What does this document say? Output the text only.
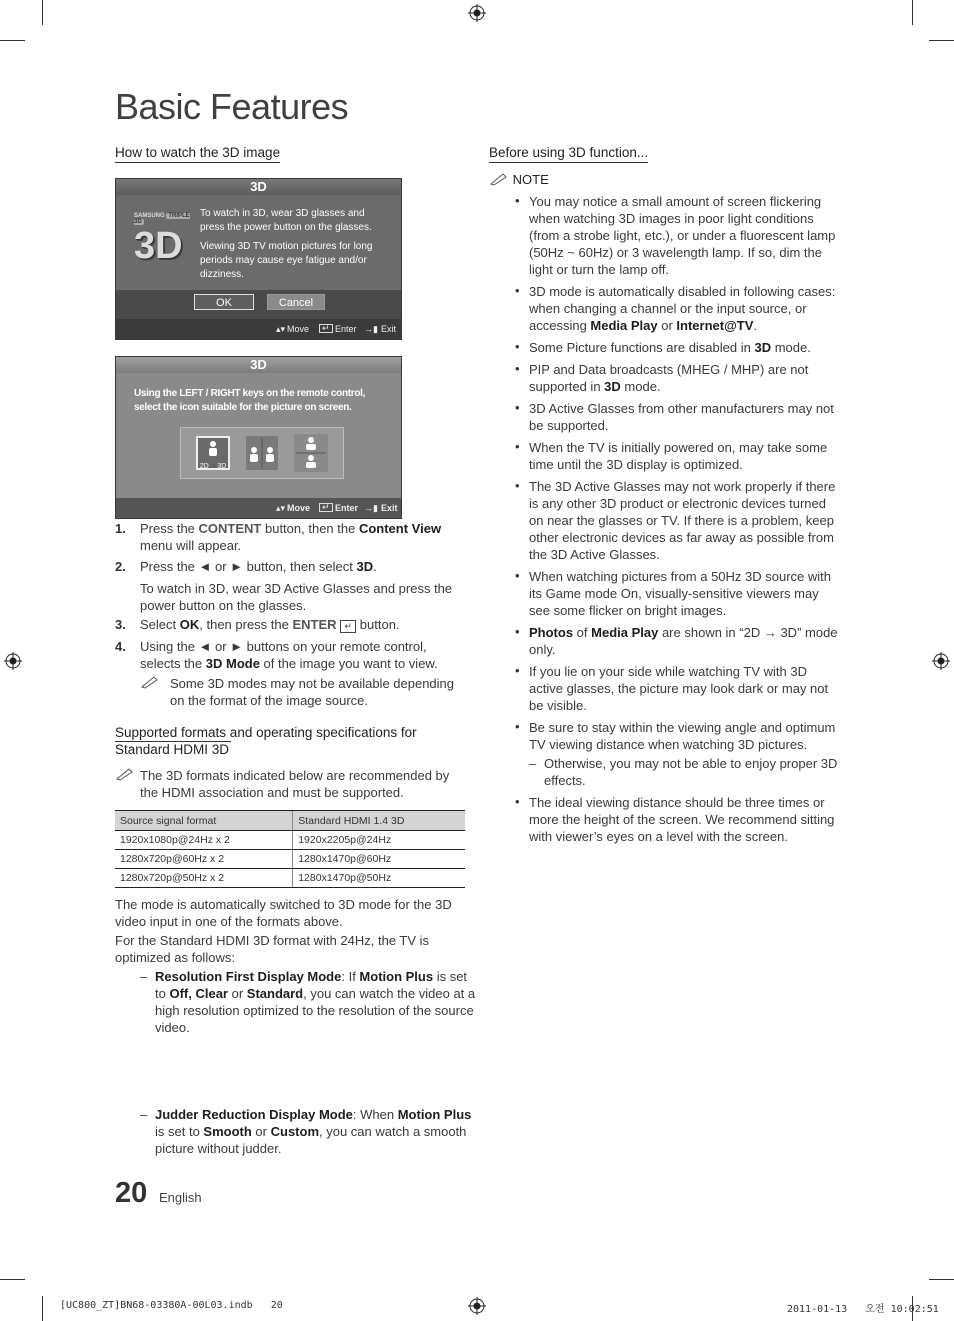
Basic Features
How to watch the 3D image
3D
SAMSUNG TRIPLE 3D
3D
To watch in 3D, wear 3D glasses and press the power button on the glasses.
Viewing 3D TV motion pictures for long periods may cause eye fatigue and/or dizziness.
OK	Cancel
▴▾ Move	↵ Enter →▮ Exit
3D
Using the LEFT / RIGHT keys on the remote control, select the icon suitable for the picture on screen.
2D➖3D
▴▾ Move	↵ Enter →▮ Exit
1. Press the CONTENT button, then the Content View menu will appear.
2. Press the ◄ or ► button, then select 3D.
To watch in 3D, wear 3D Active Glasses and press the power button on the glasses.
3. Select OK, then press the ENTER ↵ button.
4. Using the ◄ or ► buttons on your remote control, selects the 3D Mode of the image you want to view.
Some 3D modes may not be available depending on the format of the image source.
Supported formats and operating specifications for Standard HDMI 3D
The 3D formats indicated below are recommended by the HDMI association and must be supported.
Source signal format	Standard HDMI 1.4 3D
1920x1080p@24Hz x 2	1920x2205p@24Hz
1280x720p@60Hz x 2	1280x1470p@60Hz
1280x720p@50Hz x 2	1280x1470p@50Hz
The mode is automatically switched to 3D mode for the 3D video input in one of the formats above.
For the Standard HDMI 3D format with 24Hz, the TV is optimized as follows:
– Resolution First Display Mode: If Motion Plus is set to Off, Clear or Standard, you can watch the video at a high resolution optimized to the resolution of the source video.
– Judder Reduction Display Mode: When Motion Plus is set to Smooth or Custom, you can watch a smooth picture without judder.
Before using 3D function...
NOTE
• You may notice a small amount of screen flickering when watching 3D images in poor light conditions (from a strobe light, etc.), or under a fluorescent lamp (50Hz ~ 60Hz) or 3 wavelength lamp. If so, dim the light or turn the lamp off.
• 3D mode is automatically disabled in following cases: when changing a channel or the input source, or accessing Media Play or Internet@TV.
• Some Picture functions are disabled in 3D mode.
• PIP and Data broadcasts (MHEG / MHP) are not supported in 3D mode.
• 3D Active Glasses from other manufacturers may not be supported.
• When the TV is initially powered on, may take some time until the 3D display is optimized.
• The 3D Active Glasses may not work properly if there is any other 3D product or electronic devices turned on near the glasses or TV. If there is a problem, keep other electronic devices as far away as possible from the 3D Active Glasses.
• When watching pictures from a 50Hz 3D source with its Game mode On, visually-sensitive viewers may see some flicker on bright images.
• Photos of Media Play are shown in “2D → 3D” mode only.
• If you lie on your side while watching TV with 3D active glasses, the picture may look dark or may not be visible.
• Be sure to stay within the viewing angle and optimum TV viewing distance when watching 3D pictures.
– Otherwise, you may not be able to enjoy proper 3D effects.
• The ideal viewing distance should be three times or more the height of the screen. We recommend sitting with viewer’s eyes on a level with the screen.
20 English
[UC800_ZT]BN68-03380A-00L03.indb   20	2011-01-13   오전 10:02:51
